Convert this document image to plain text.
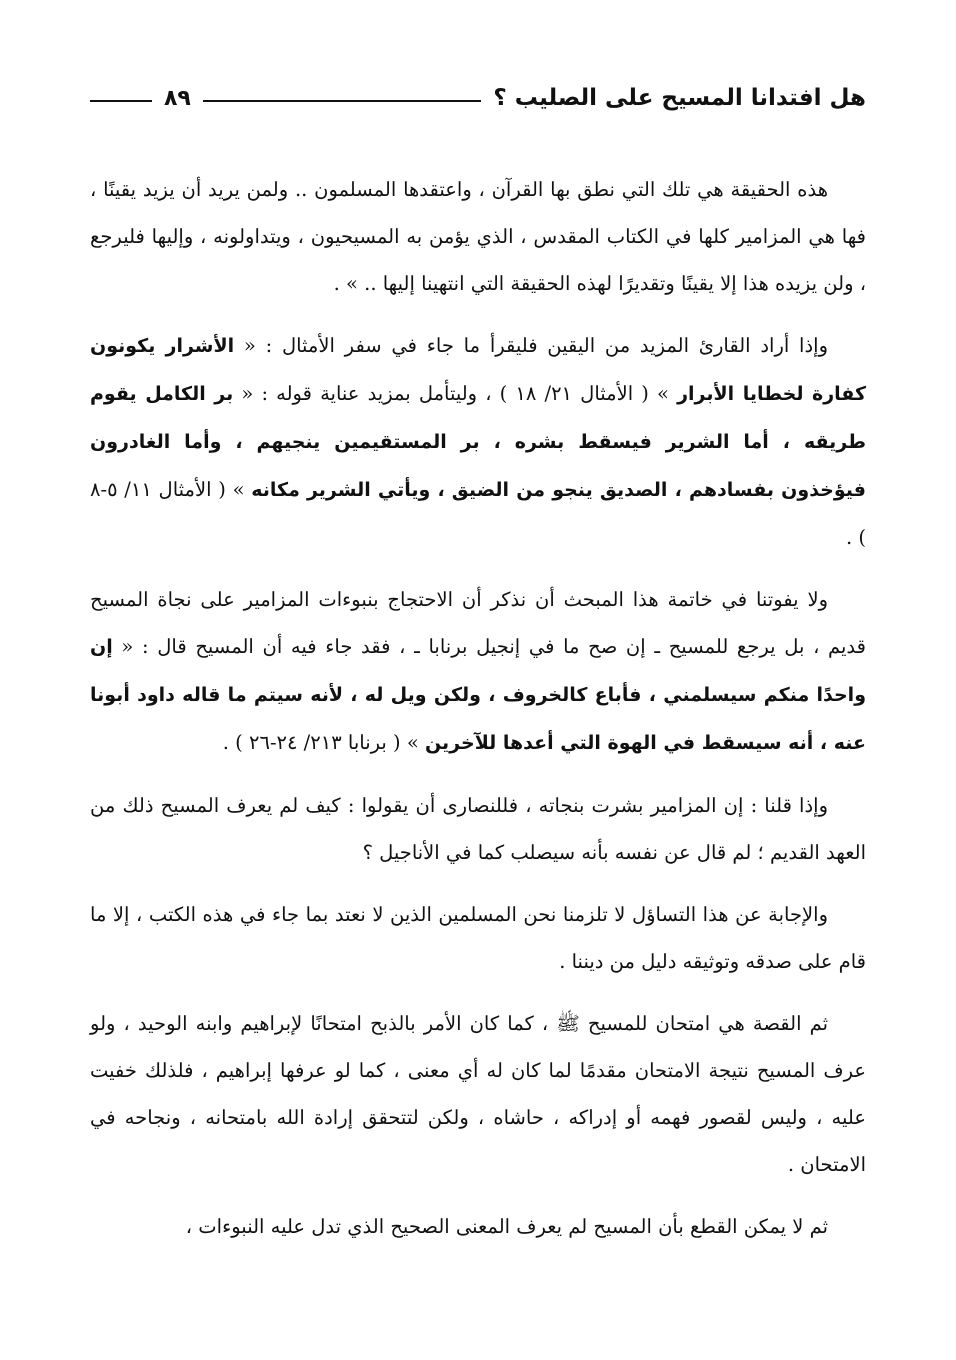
هل افتدانا المسيح على الصليب ؟
٨٩

هذه الحقيقة هي تلك التي نطق بها القرآن ، واعتقدها المسلمون .. ولمن يريد أن يزيد يقينًا ، فها هي المزامير كلها في الكتاب المقدس ، الذي يؤمن به المسيحيون ، ويتداولونه ، وإليها فليرجع ، ولن يزيده هذا إلا يقينًا وتقديرًا لهذه الحقيقة التي انتهينا إليها .. » .

وإذا أراد القارئ المزيد من اليقين فليقرأ ما جاء في سفر الأمثال : « الأشرار يكونون كفارة لخطايا الأبرار » ( الأمثال ٢١/ ١٨ ) ، وليتأمل بمزيد عناية قوله : « بر الكامل يقوم طريقه ، أما الشرير فيسقط بشره ، بر المستقيمين ينجيهم ، وأما الغادرون فيؤخذون بفسادهم ، الصديق ينجو من الضيق ، ويأتي الشرير مكانه » ( الأمثال ١١/ ٥-٨ ) .

ولا يفوتنا في خاتمة هذا المبحث أن نذكر أن الاحتجاج بنبوءات المزامير على نجاة المسيح قديم ، بل يرجع للمسيح ـ إن صح ما في إنجيل برنابا ـ ، فقد جاء فيه أن المسيح قال : « إن واحدًا منكم سيسلمني ، فأباع كالخروف ، ولكن ويل له ، لأنه سيتم ما قاله داود أبونا عنه ، أنه سيسقط في الهوة التي أعدها للآخرين » ( برنابا ٢١٣/ ٢٤-٢٦ ) .

وإذا قلنا : إن المزامير بشرت بنجاته ، فللنصارى أن يقولوا : كيف لم يعرف المسيح ذلك من العهد القديم ؛ لم قال عن نفسه بأنه سيصلب كما في الأناجيل ؟

والإجابة عن هذا التساؤل لا تلزمنا نحن المسلمين الذين لا نعتد بما جاء في هذه الكتب ، إلا ما قام على صدقه وتوثيقه دليل من ديننا .

ثم القصة هي امتحان للمسيح ﷺ ، كما كان الأمر بالذبح امتحانًا لإبراهيم وابنه الوحيد ، ولو عرف المسيح نتيجة الامتحان مقدمًا لما كان له أي معنى ، كما لو عرفها إبراهيم ، فلذلك خفيت عليه ، وليس لقصور فهمه أو إدراكه ، حاشاه ، ولكن لتتحقق إرادة الله بامتحانه ، ونجاحه في الامتحان .

ثم لا يمكن القطع بأن المسيح لم يعرف المعنى الصحيح الذي تدل عليه النبوءات ،
